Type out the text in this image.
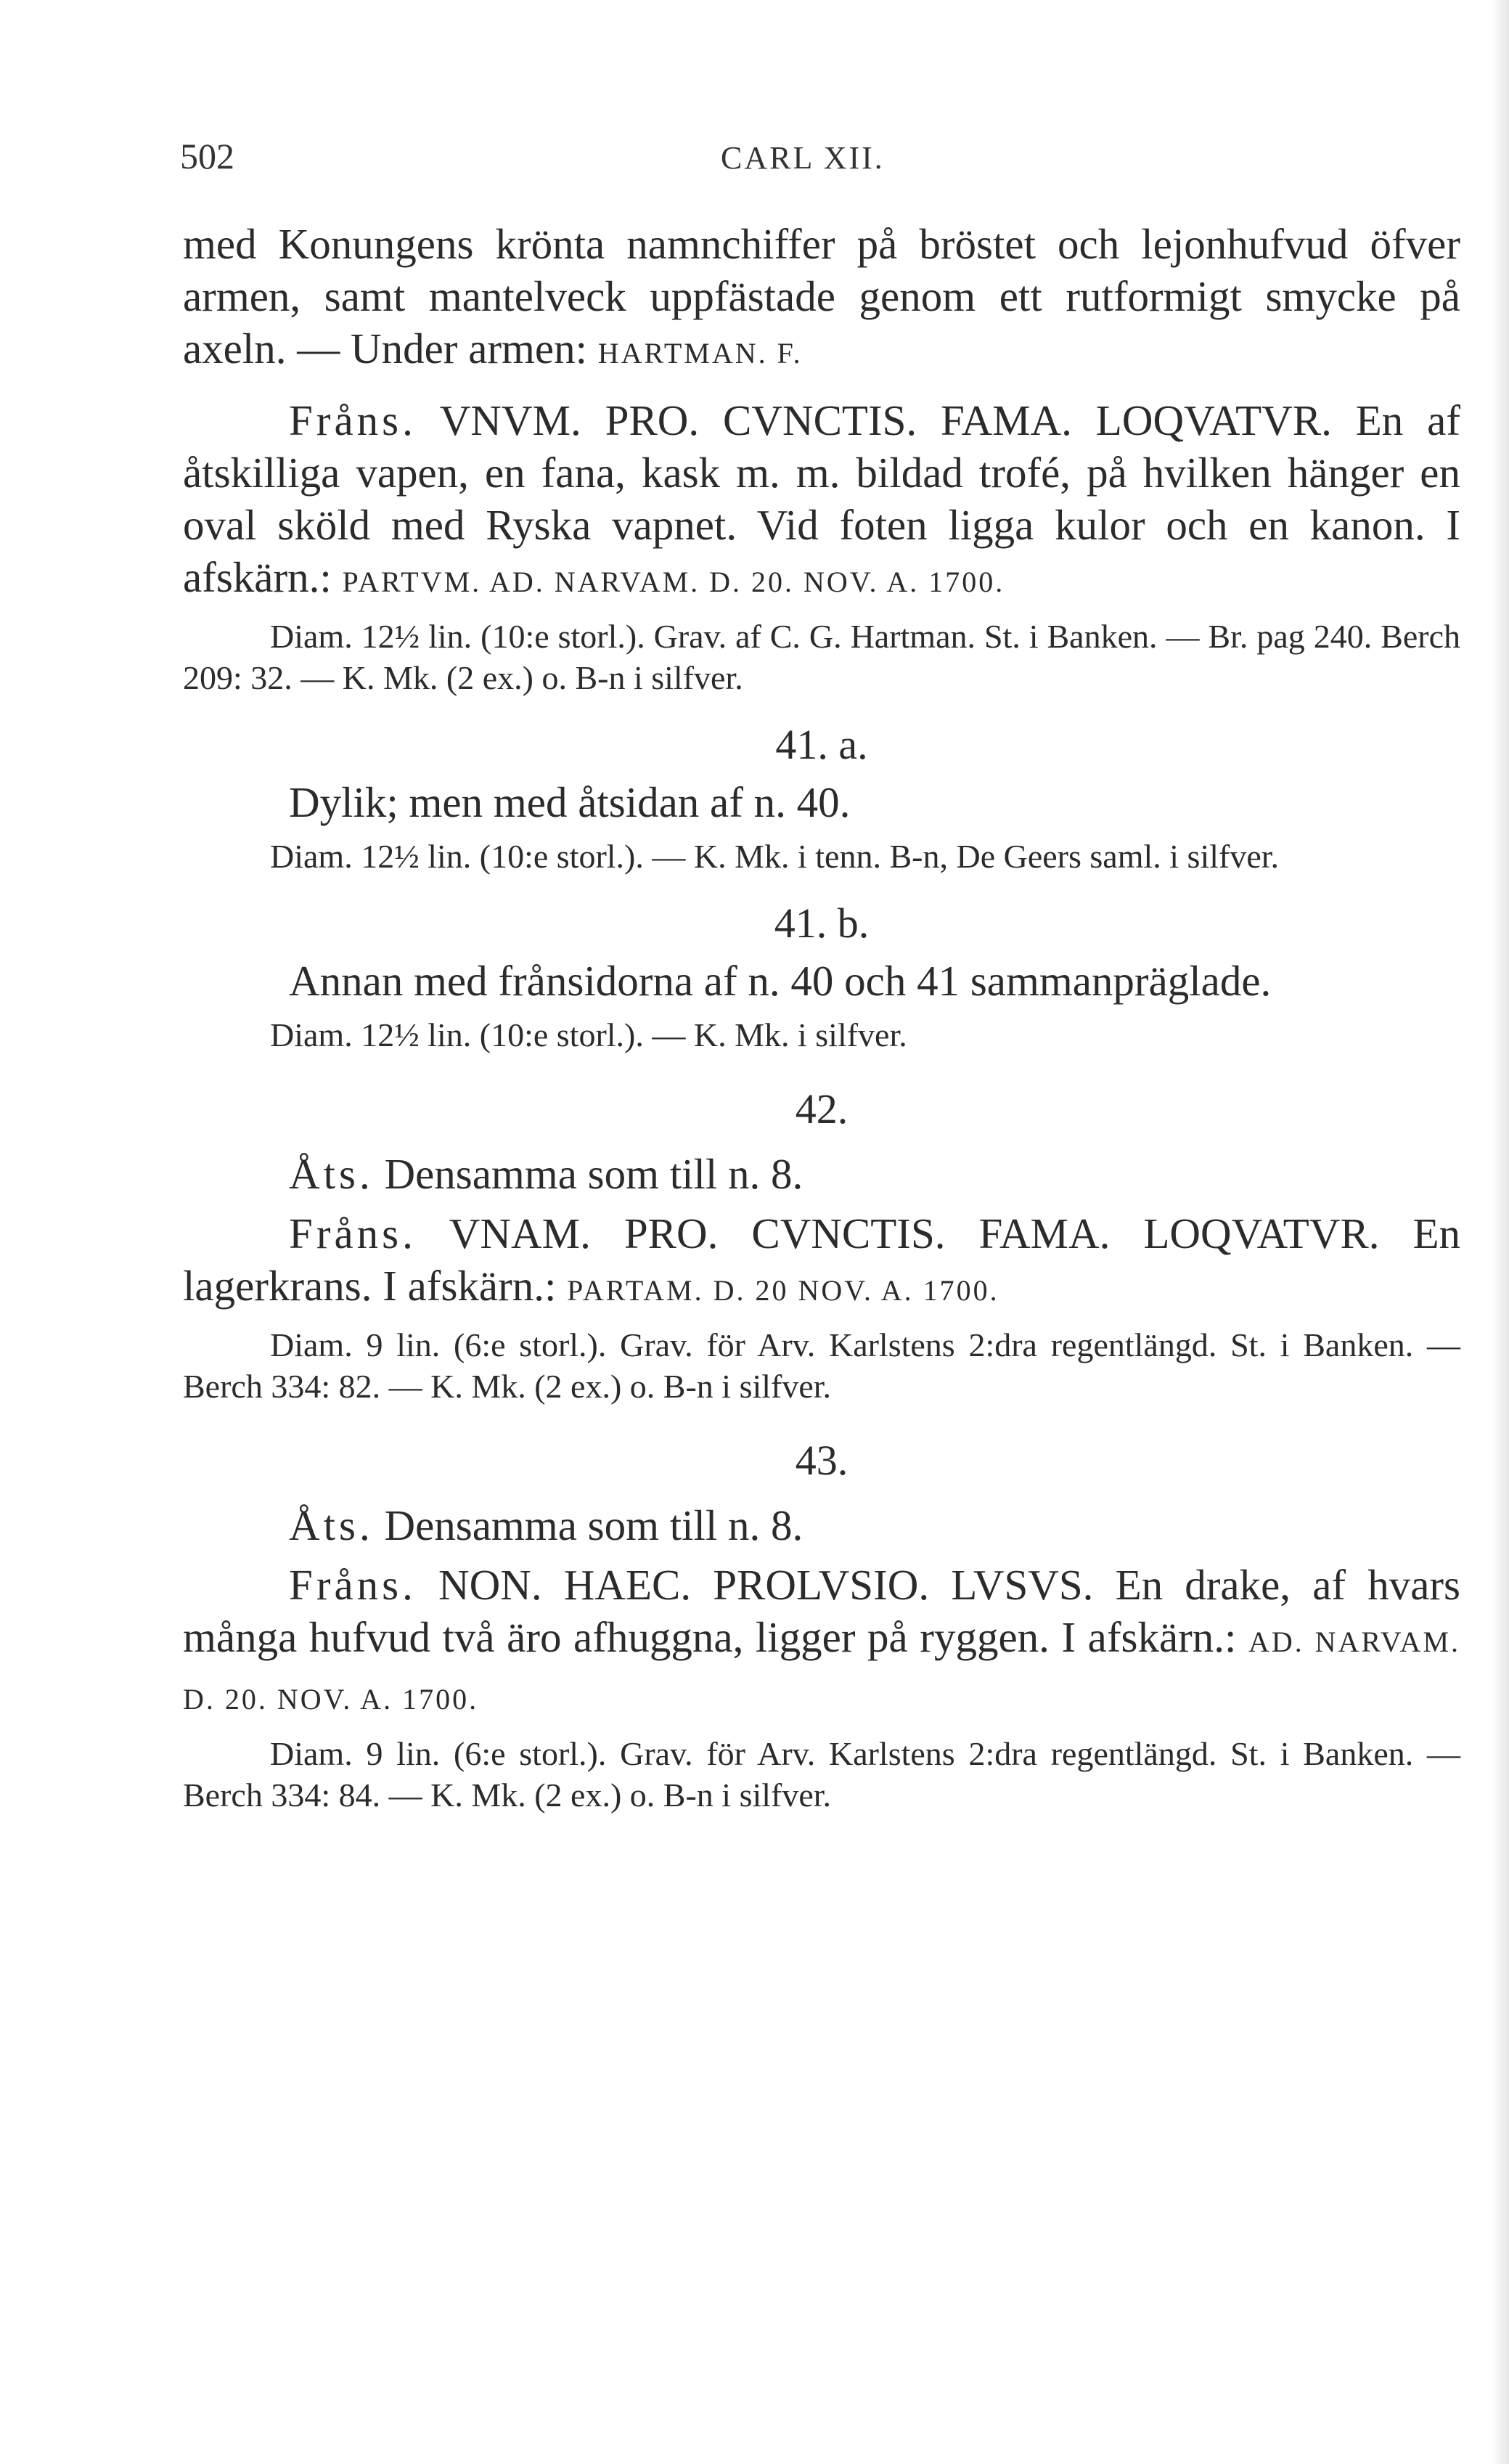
502	CARL XII.

med Konungens krönta namnchiffer på bröstet och lejonhufvud öfver armen, samt mantelveck uppfästade genom ett rutformigt smycke på axeln. — Under armen: HARTMAN. F.

Fråns. VNVM. PRO. CVNCTIS. FAMA. LOQVATVR. En af åtskilliga vapen, en fana, kask m. m. bildad trofé, på hvilken hänger en oval sköld med Ryska vapnet. Vid foten ligga kulor och en kanon. I afskärn.: PARTVM. AD. NARVAM. D. 20. NOV. A. 1700.

Diam. 12½ lin. (10:e storl.). Grav. af C. G. Hartman. St. i Banken. — Br. pag 240. Berch 209: 32. — K. Mk. (2 ex.) o. B-n i silfver.

41. a.

Dylik; men med åtsidan af n. 40.

Diam. 12½ lin. (10:e storl.). — K. Mk. i tenn. B-n, De Geers saml. i silfver.

41. b.

Annan med frånsidorna af n. 40 och 41 sammanpräglade.

Diam. 12½ lin. (10:e storl.). — K. Mk. i silfver.

42.

Åts. Densamma som till n. 8.

Fråns. VNAM. PRO. CVNCTIS. FAMA. LOQVATVR. En lagerkrans. I afskärn.: PARTAM. D. 20 NOV. A. 1700.

Diam. 9 lin. (6:e storl.). Grav. för Arv. Karlstens 2:dra regentlängd. St. i Banken. — Berch 334: 82. — K. Mk. (2 ex.) o. B-n i silfver.

43.

Åts. Densamma som till n. 8.

Fråns. NON. HAEC. PROLVSIO. LVSVS. En drake, af hvars många hufvud två äro afhuggna, ligger på ryggen. I afskärn.: AD. NARVAM. D. 20. NOV. A. 1700.

Diam. 9 lin. (6:e storl.). Grav. för Arv. Karlstens 2:dra regentlängd. St. i Banken. — Berch 334: 84. — K. Mk. (2 ex.) o. B-n i silfver.
